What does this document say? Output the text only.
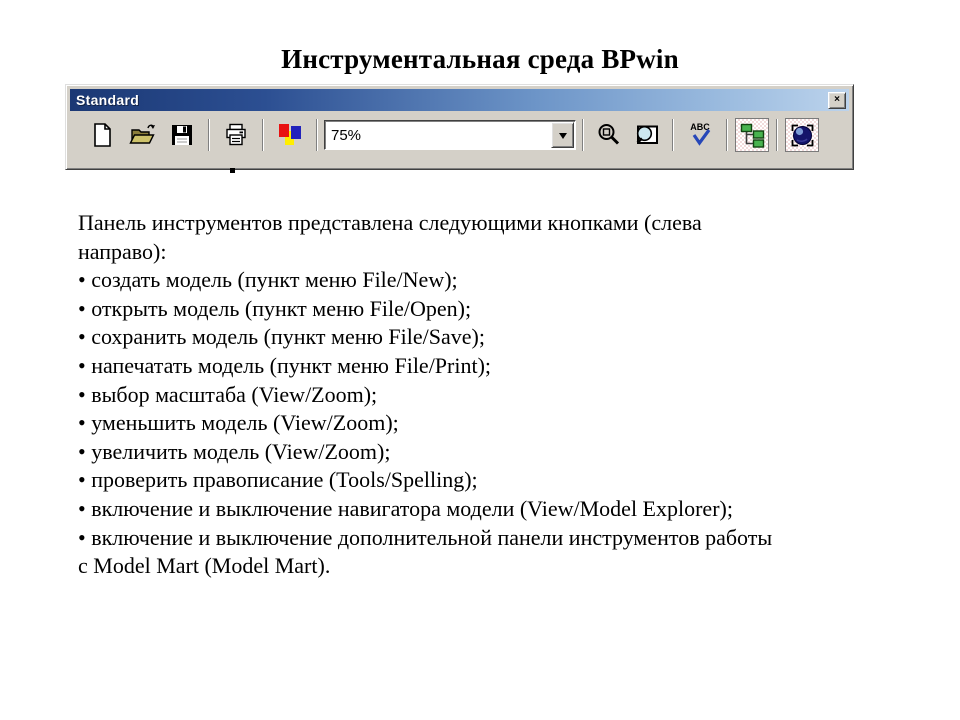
Инструментальная среда BPwin
Standard	×
75%	ABC
Панель инструментов представлена следующими кнопками (слева
направо):
• создать модель (пункт меню File/New);
• открыть модель (пункт меню File/Open);
• сохранить модель (пункт меню File/Save);
• напечатать модель (пункт меню File/Print);
• выбор масштаба (View/Zoom);
• уменьшить модель (View/Zoom);
• увеличить модель (View/Zoom);
• проверить правописание (Tools/Spelling);
• включение и выключение навигатора модели (View/Model Explorer);
• включение и выключение дополнительной панели инструментов работы
с Model Mart (Model Mart).
